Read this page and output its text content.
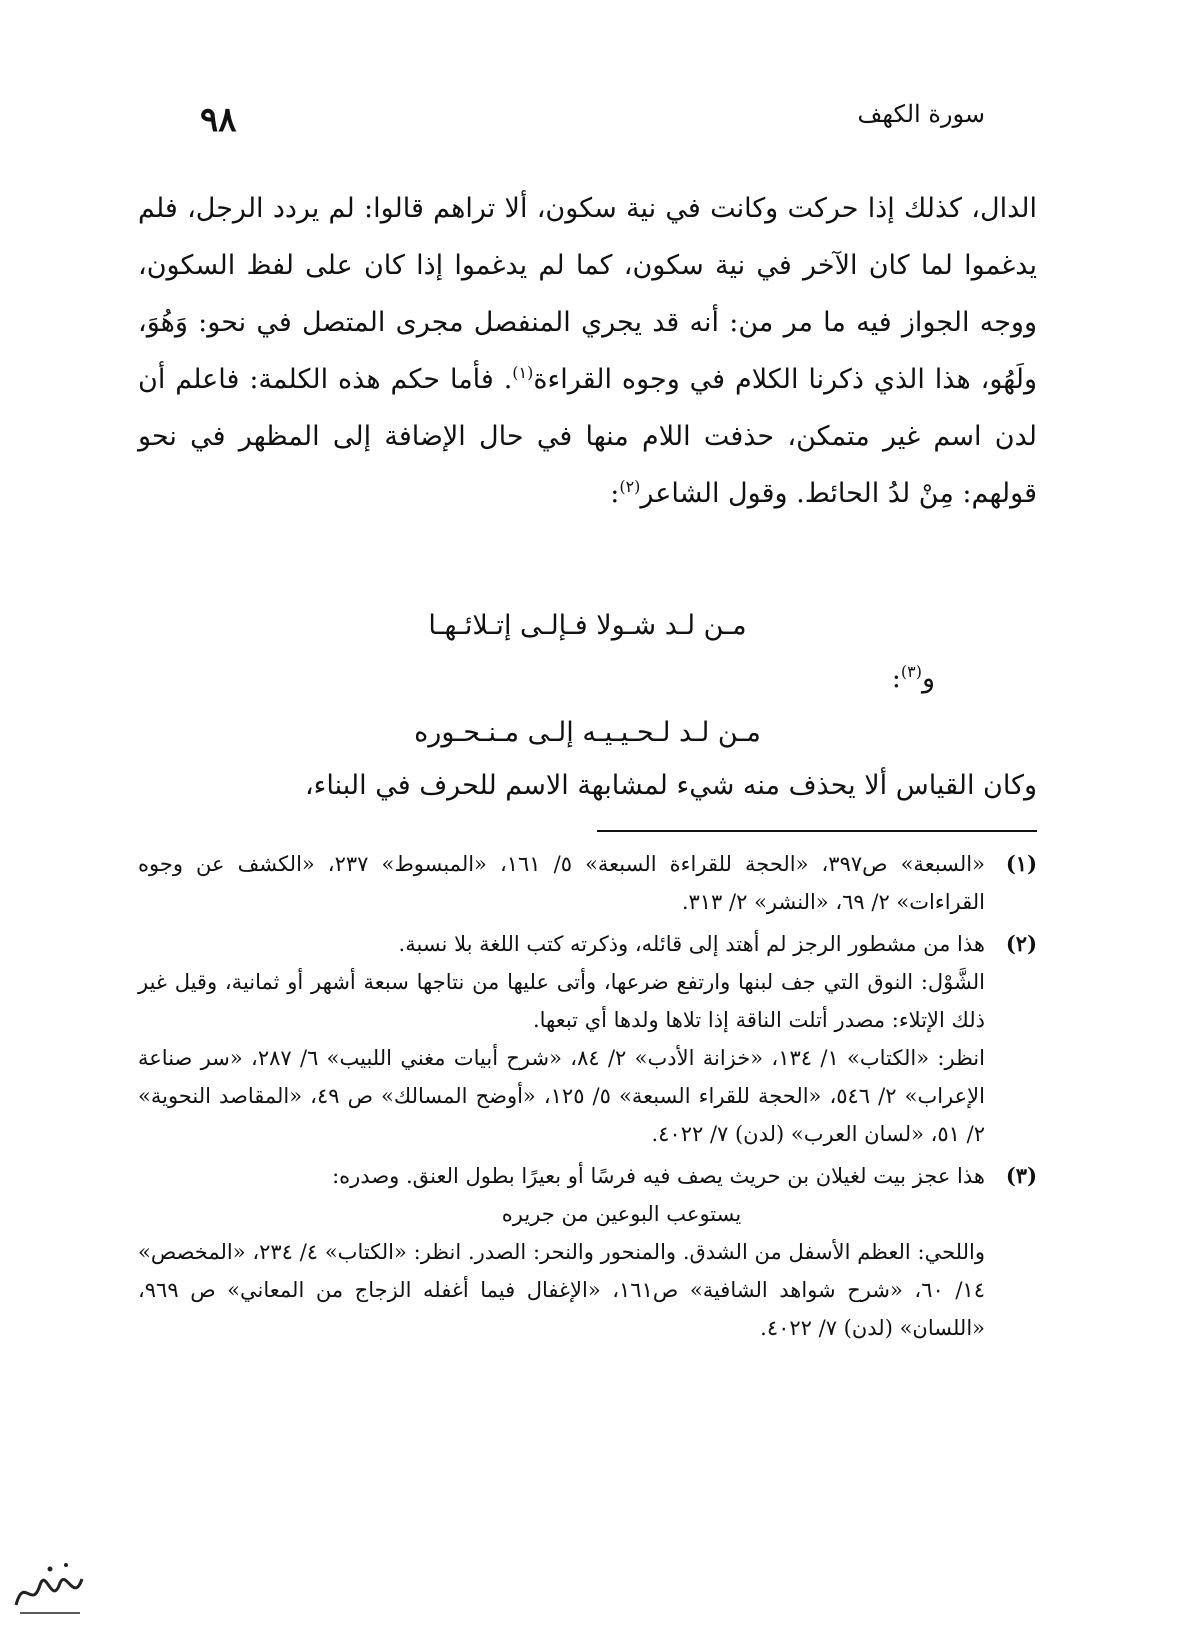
٩٨	سورة الكهف

الدال، كذلك إذا حركت وكانت في نية سكون، ألا تراهم قالوا: لم يردد الرجل، فلم يدغموا لما كان الآخر في نية سكون، كما لم يدغموا إذا كان على لفظ السكون، ووجه الجواز فيه ما مر من: أنه قد يجري المنفصل مجرى المتصل في نحو: وَهُوَ، ولَهُو، هذا الذي ذكرنا الكلام في وجوه القراءة$^{(١)}$. فأما حكم هذه الكلمة: فاعلم أن لدن اسم غير متمكن، حذفت اللام منها في حال الإضافة إلى المظهر في نحو قولهم: مِنْ لدُ الحائط. وقول الشاعر$^{(٢)}$:

مـن لـد شـولا فـإلـى إتـلائـهـا
و$^{(٣)}$:
مـن لـد لـحـيـيـه إلـى مـنـحـوره
وكان القياس ألا يحذف منه شيء لمشابهة الاسم للحرف في البناء،
(١)
«السبعة» ص٣٩٧، «الحجة للقراءة السبعة» ٥/ ١٦١، «المبسوط» ٢٣٧، «الكشف عن وجوه القراءات» ٢/ ٦٩، «النشر» ٢/ ٣١٣.
(٢)
هذا من مشطور الرجز لم أهتد إلى قائله، وذكرته كتب اللغة بلا نسبة.
الشَّوْل: النوق التي جف لبنها وارتفع ضرعها، وأتى عليها من نتاجها سبعة أشهر أو ثمانية، وقيل غير ذلك الإتلاء: مصدر أتلت الناقة إذا تلاها ولدها أي تبعها.
انظر: «الكتاب» ١/ ١٣٤، «خزانة الأدب» ٢/ ٨٤، «شرح أبيات مغني اللبيب» ٦/ ٢٨٧، «سر صناعة الإعراب» ٢/ ٥٤٦، «الحجة للقراء السبعة» ٥/ ١٢٥، «أوضح المسالك» ص ٤٩، «المقاصد النحوية» ٢/ ٥١، «لسان العرب» (لدن) ٧/ ٤٠٢٢.
(٣)
هذا عجز بيت لغيلان بن حريث يصف فيه فرسًا أو بعيرًا بطول العنق. وصدره:
يستوعب البوعين من جريره
واللحي: العظم الأسفل من الشدق. والمنحور والنحر: الصدر. انظر: «الكتاب» ٤/ ٢٣٤، «المخصص» ١٤/ ٦٠، «شرح شواهد الشافية» ص١٦١، «الإغفال فيما أغفله الزجاج من المعاني» ص ٩٦٩، «اللسان» (لدن) ٧/ ٤٠٢٢.
